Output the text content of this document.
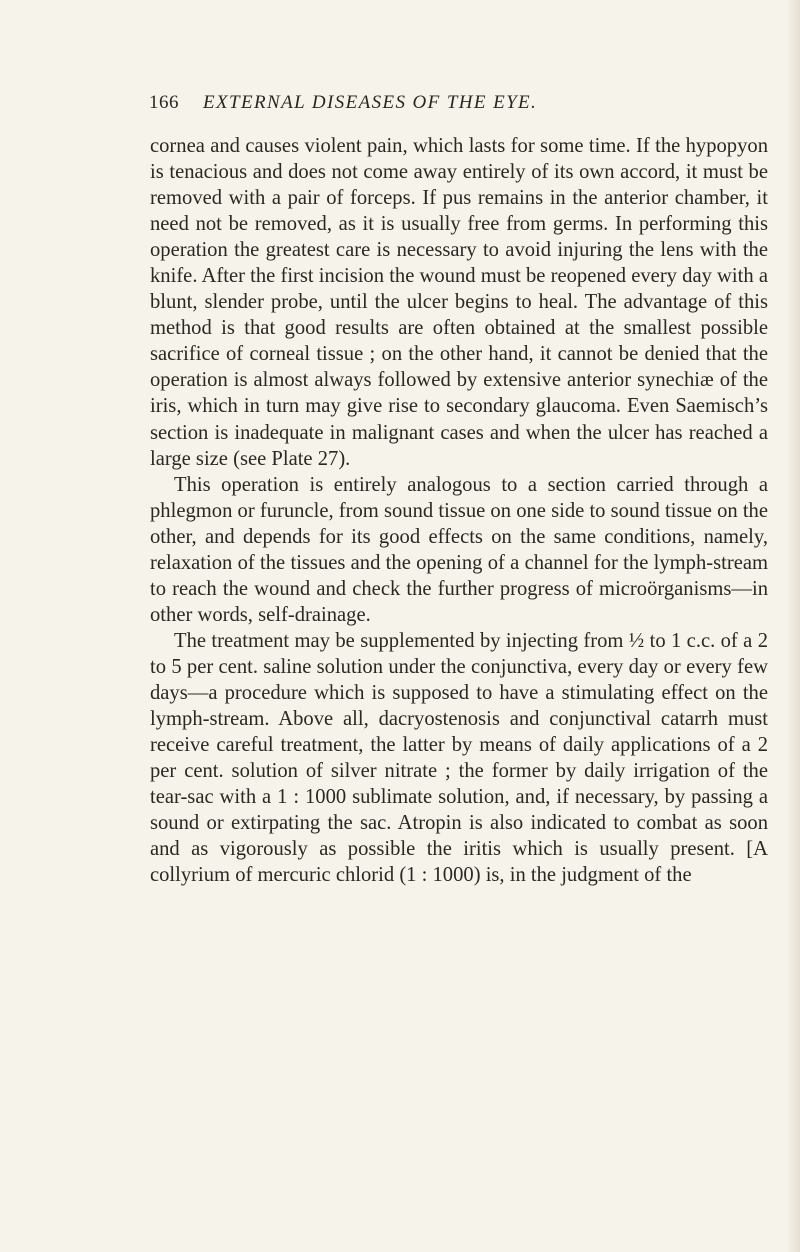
166 EXTERNAL DISEASES OF THE EYE.

cornea and causes violent pain, which lasts for some time. If the hypopyon is tenacious and does not come away entirely of its own accord, it must be removed with a pair of forceps. If pus remains in the anterior chamber, it need not be removed, as it is usually free from germs. In performing this operation the greatest care is necessary to avoid injuring the lens with the knife. After the first incision the wound must be reopened every day with a blunt, slender probe, until the ulcer begins to heal. The advantage of this method is that good results are often obtained at the smallest possible sacrifice of corneal tissue ; on the other hand, it cannot be denied that the operation is almost always followed by extensive anterior synechiæ of the iris, which in turn may give rise to secondary glaucoma. Even Saemisch’s section is inadequate in malignant cases and when the ulcer has reached a large size (see Plate 27).

This operation is entirely analogous to a section carried through a phlegmon or furuncle, from sound tissue on one side to sound tissue on the other, and depends for its good effects on the same conditions, namely, relaxation of the tissues and the opening of a channel for the lymph-stream to reach the wound and check the further progress of microörganisms—in other words, self-drainage.

The treatment may be supplemented by injecting from ½ to 1 c.c. of a 2 to 5 per cent. saline solution under the conjunctiva, every day or every few days—a procedure which is supposed to have a stimulating effect on the lymph-stream. Above all, dacryostenosis and conjunctival catarrh must receive careful treatment, the latter by means of daily applications of a 2 per cent. solution of silver nitrate ; the former by daily irrigation of the tear-sac with a 1 : 1000 sublimate solution, and, if necessary, by passing a sound or extirpating the sac. Atropin is also indicated to combat as soon and as vigorously as possible the iritis which is usually present. [A collyrium of mercuric chlorid (1 : 1000) is, in the judgment of the
